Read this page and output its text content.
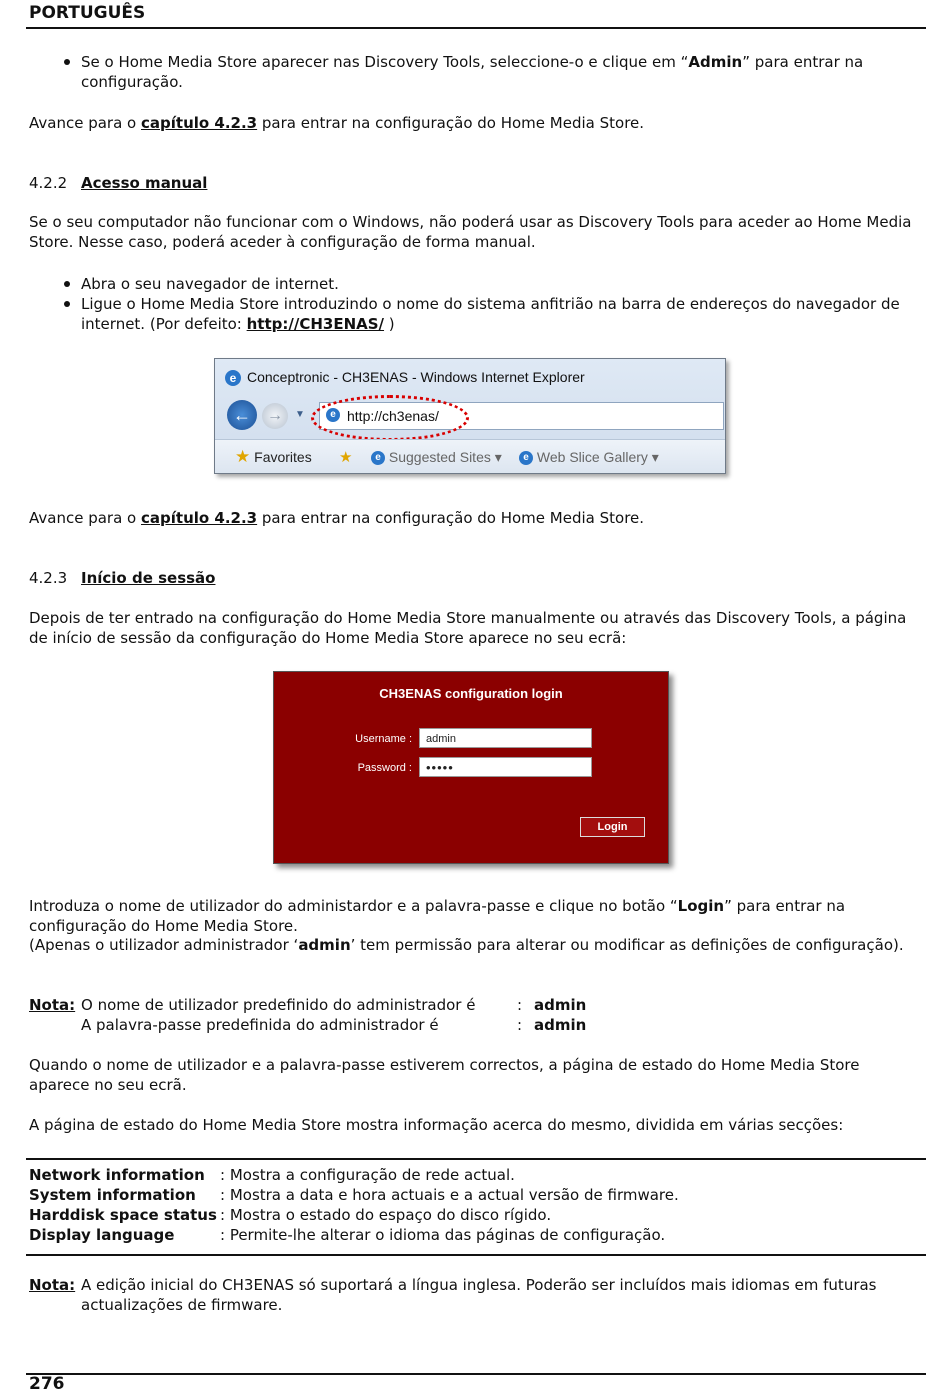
PORTUGUÊS
Se o Home Media Store aparecer nas Discovery Tools, seleccione-o e clique em “Admin” para entrar na configuração.
Avance para o capítulo 4.2.3 para entrar na configuração do Home Media Store.
4.2.2 Acesso manual
Se o seu computador não funcionar com o Windows, não poderá usar as Discovery Tools para aceder ao Home Media Store. Nesse caso, poderá aceder à configuração de forma manual.
Abra o seu navegador de internet.
Ligue o Home Media Store introduzindo o nome do sistema anfitrião na barra de endereços do navegador de internet. (Por defeito: http://CH3ENAS/ )
e Conceptronic - CH3ENAS - Windows Internet Explorer
←	→	▼	e http://ch3enas/
★ Favorites ★	e Suggested Sites ▾	e Web Slice Gallery ▾
Avance para o capítulo 4.2.3 para entrar na configuração do Home Media Store.
4.2.3 Início de sessão
Depois de ter entrado na configuração do Home Media Store manualmente ou através das Discovery Tools, a página de início de sessão da configuração do Home Media Store aparece no seu ecrã:
CH3ENAS configuration login
Username :	admin
Password :	•••••
Login
Introduza o nome de utilizador do administardor e a palavra-passe e clique no botão “Login” para entrar na configuração do Home Media Store.
(Apenas o utilizador administrador ‘admin’ tem permissão para alterar ou modificar as definições de configuração).
Nota: O nome de utilizador predefinido do administrador é	: admin
A palavra-passe predefinida do administrador é	: admin
Quando o nome de utilizador e a palavra-passe estiverem correctos, a página de estado do Home Media Store aparece no seu ecrã.
A página de estado do Home Media Store mostra informação acerca do mesmo, dividida em várias secções:
Network information : Mostra a configuração de rede actual.
System information : Mostra a data e hora actuais e a actual versão de firmware.
Harddisk space status : Mostra o estado do espaço do disco rígido.
Display language	: Permite-lhe alterar o idioma das páginas de configuração.
Nota: A edição inicial do CH3ENAS só suportará a língua inglesa. Poderão ser incluídos mais idiomas em futuras actualizações de firmware.
276
